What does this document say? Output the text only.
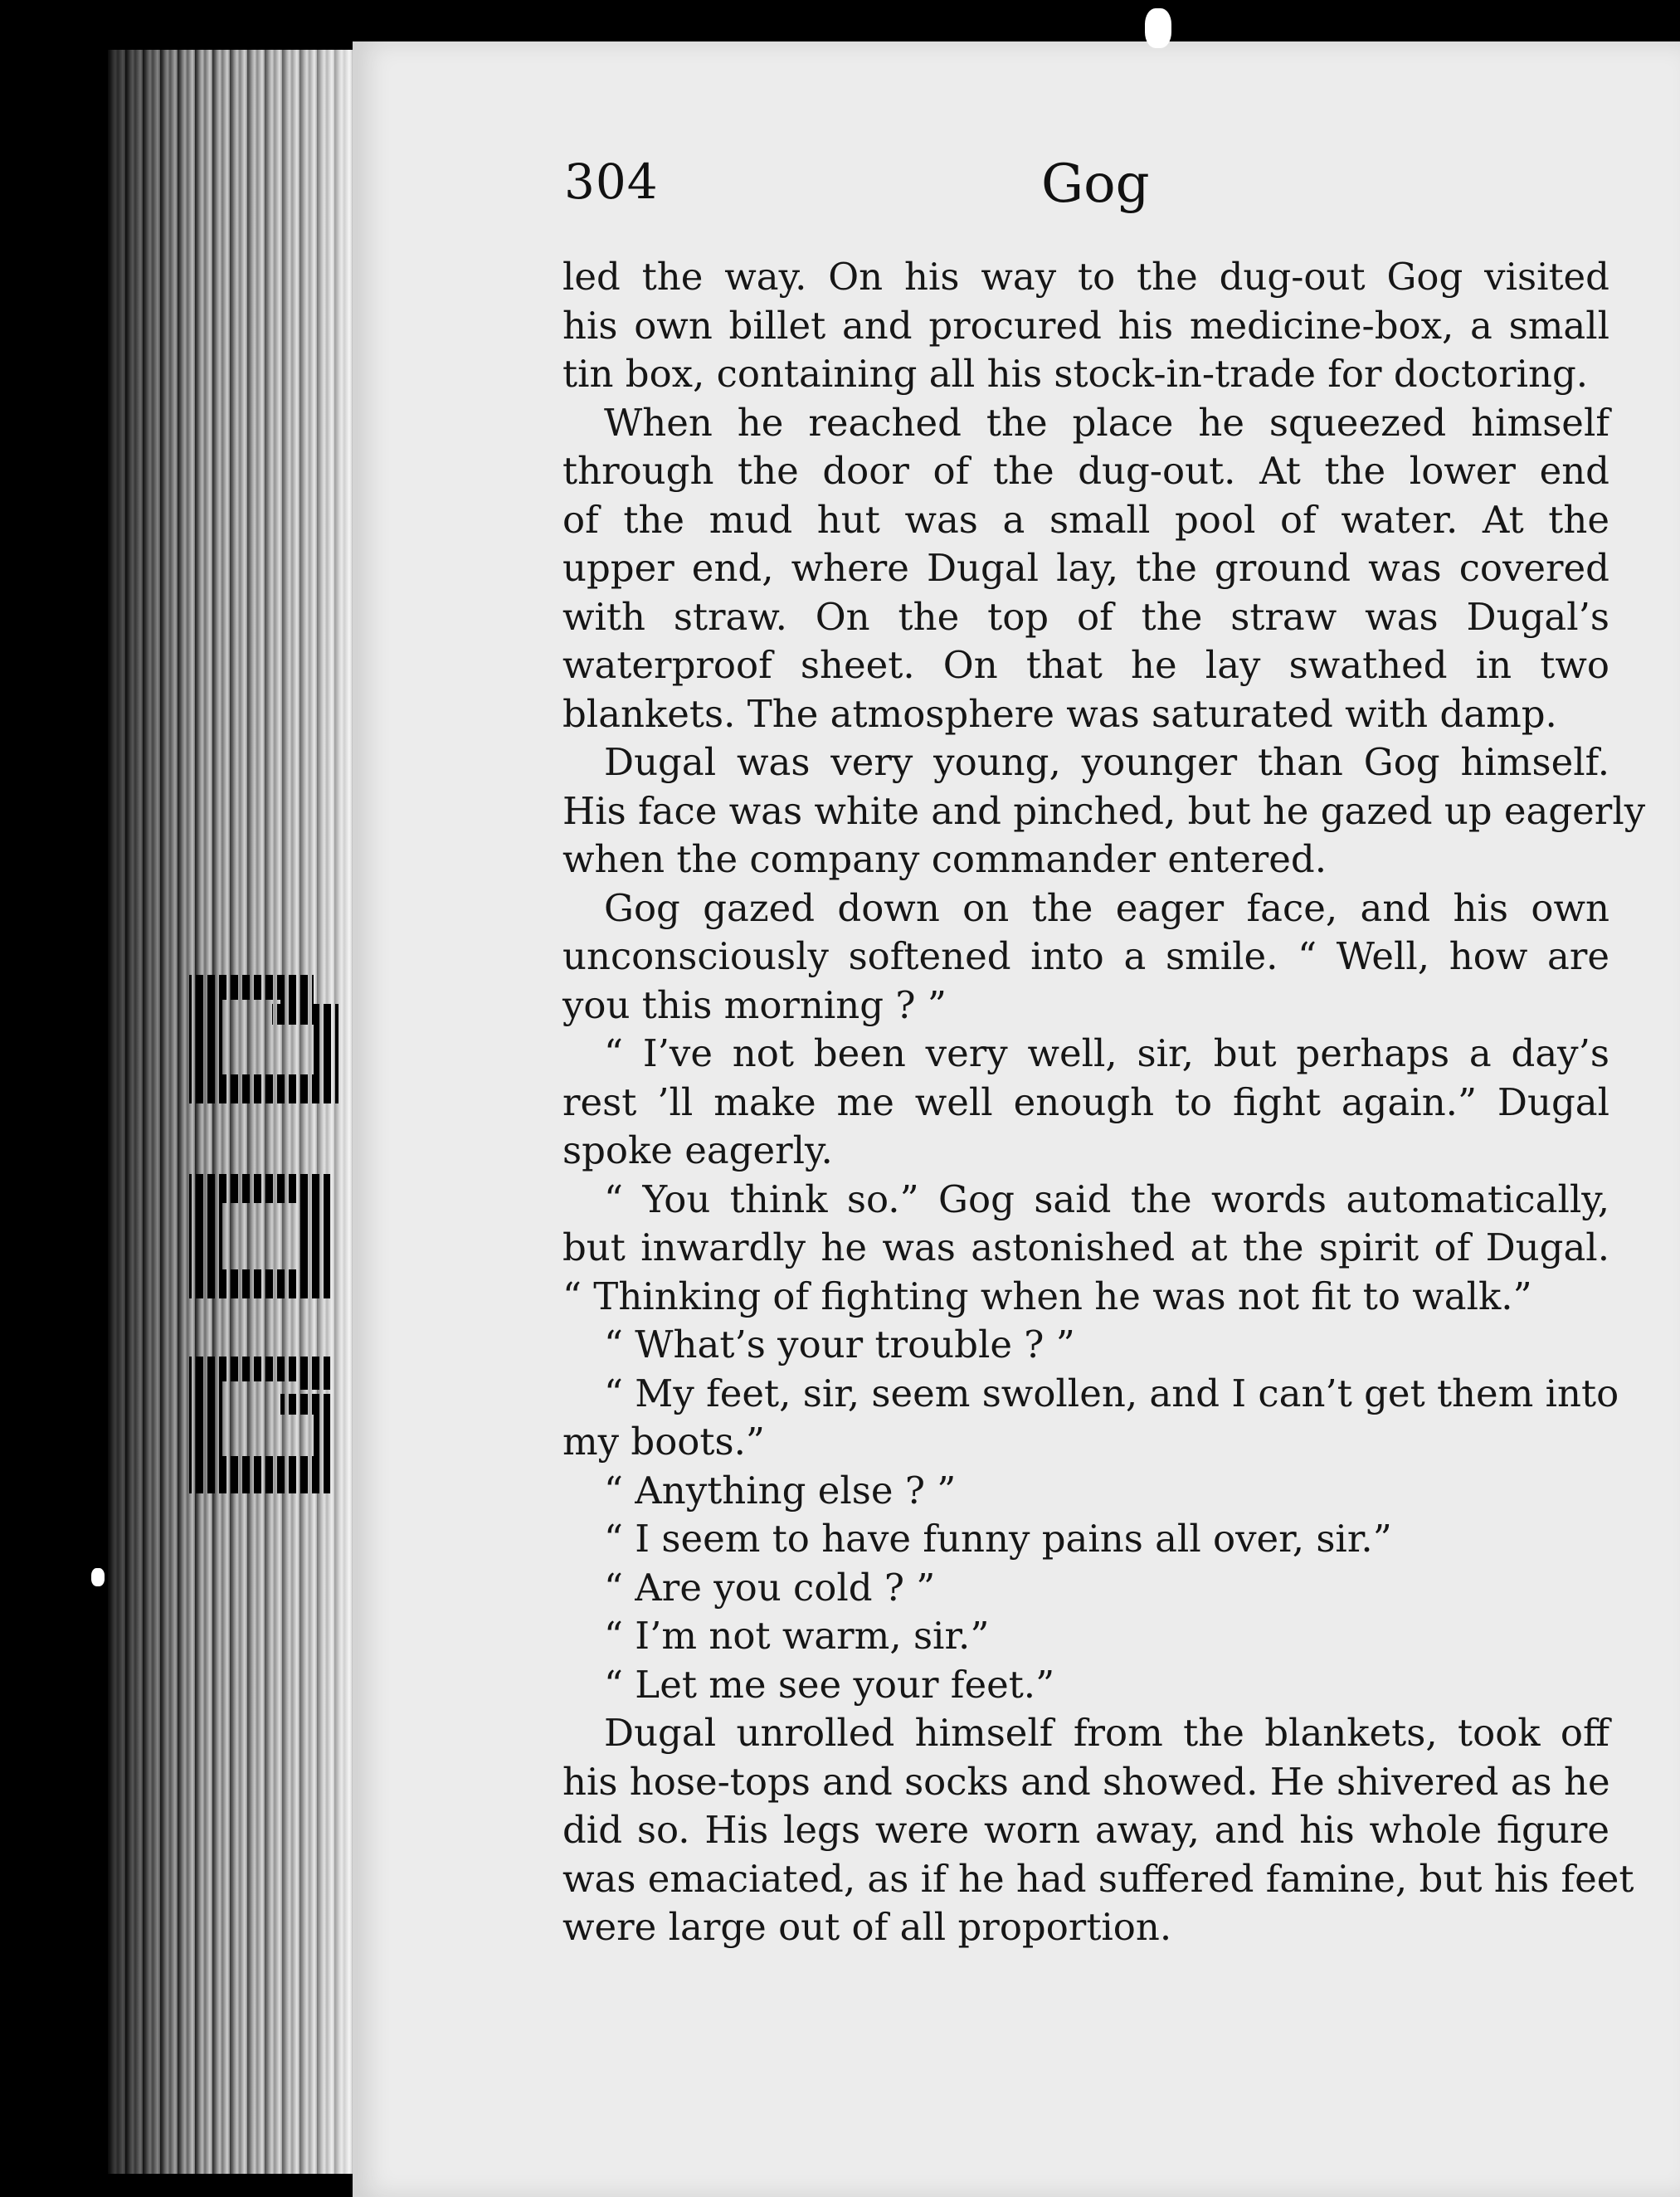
304	Gog
led the way. On his way to the dug-out Gog visited
his own billet and procured his medicine-box, a small
tin box, containing all his stock-in-trade for doctoring.
When he reached the place he squeezed himself
through the door of the dug-out. At the lower end
of the mud hut was a small pool of water. At the
upper end, where Dugal lay, the ground was covered
with straw. On the top of the straw was Dugal’s
waterproof sheet. On that he lay swathed in two
blankets. The atmosphere was saturated with damp.
Dugal was very young, younger than Gog himself.
His face was white and pinched, but he gazed up eagerly
when the company commander entered.
Gog gazed down on the eager face, and his own
unconsciously softened into a smile. “ Well, how are
you this morning ? ”
“ I’ve not been very well, sir, but perhaps a day’s
rest ’ll make me well enough to fight again.” Dugal
spoke eagerly.
“ You think so.” Gog said the words automatically,
but inwardly he was astonished at the spirit of Dugal.
“ Thinking of fighting when he was not fit to walk.”
“ What’s your trouble ? ”
“ My feet, sir, seem swollen, and I can’t get them into
my boots.”
“ Anything else ? ”
“ I seem to have funny pains all over, sir.”
“ Are you cold ? ”
“ I’m not warm, sir.”
“ Let me see your feet.”
Dugal unrolled himself from the blankets, took off
his hose-tops and socks and showed. He shivered as he
did so. His legs were worn away, and his whole figure
was emaciated, as if he had suffered famine, but his feet
were large out of all proportion.
